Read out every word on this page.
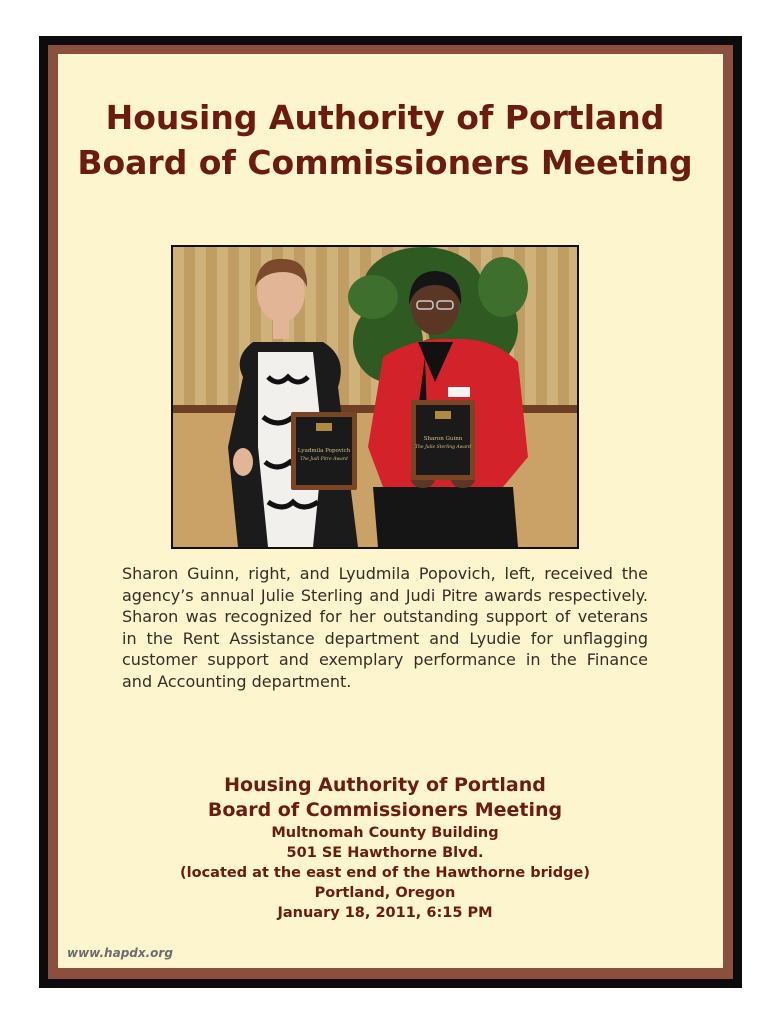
Housing Authority of Portland
Board of Commissioners Meeting
Lyudmila Popovich
The Judi Pitre Award
Sharon Guinn
The Julie Sterling Award
Sharon Guinn, right, and Lyudmila Popovich, left, received the agency’s annual Julie Sterling and Judi Pitre awards respectively. Sharon was recognized for her outstanding support of veterans in the Rent Assistance department and Lyudie for unflagging customer support and exemplary performance in the Finance and Accounting department.
Housing Authority of Portland
Board of Commissioners Meeting
Multnomah County Building
501 SE Hawthorne Blvd.
(located at the east end of the Hawthorne bridge)
Portland, Oregon
January 18, 2011, 6:15 PM
www.hapdx.org
